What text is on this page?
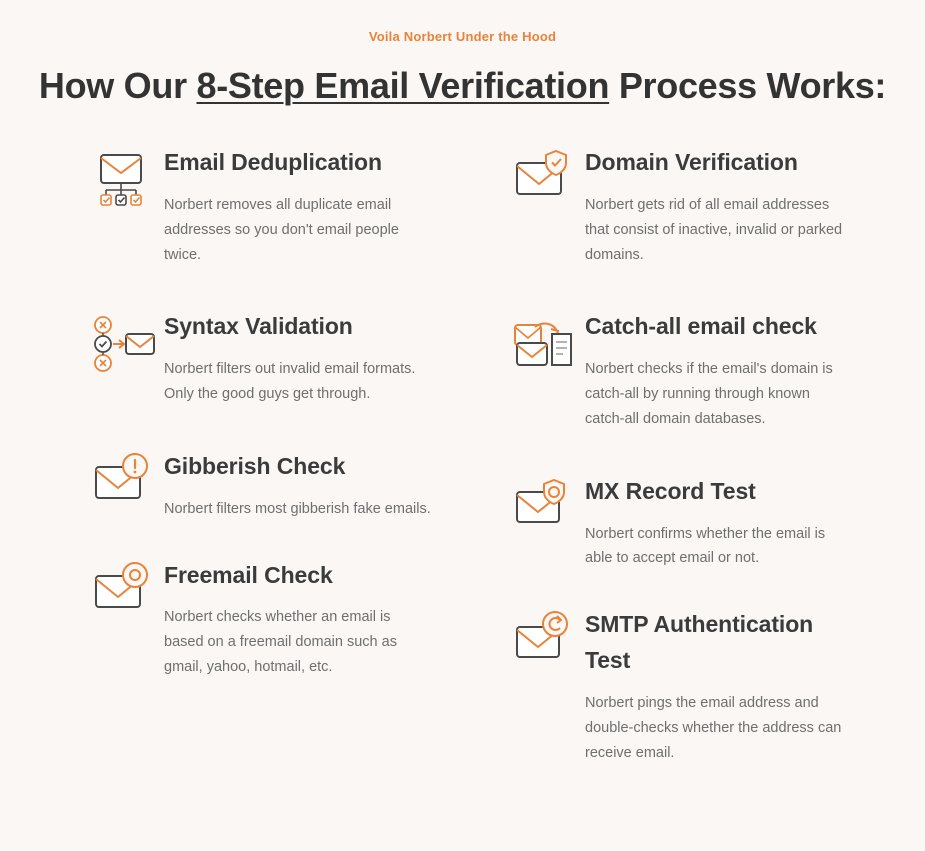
Voila Norbert Under the Hood
How Our 8-Step Email Verification Process Works:
Email Deduplication

Norbert removes all duplicate email addresses so you don't email people twice.

Syntax Validation

Norbert filters out invalid email formats. Only the good guys get through.

Gibberish Check

Norbert filters most gibberish fake emails.

Freemail Check

Norbert checks whether an email is based on a freemail domain such as gmail, yahoo, hotmail, etc.

Domain Verification

Norbert gets rid of all email addresses that consist of inactive, invalid or parked domains.

Catch-all email check

Norbert checks if the email's domain is catch-all by running through known catch-all domain databases.

MX Record Test

Norbert confirms whether the email is able to accept email or not.

SMTP Authentication Test

Norbert pings the email address and double-checks whether the address can receive email.
